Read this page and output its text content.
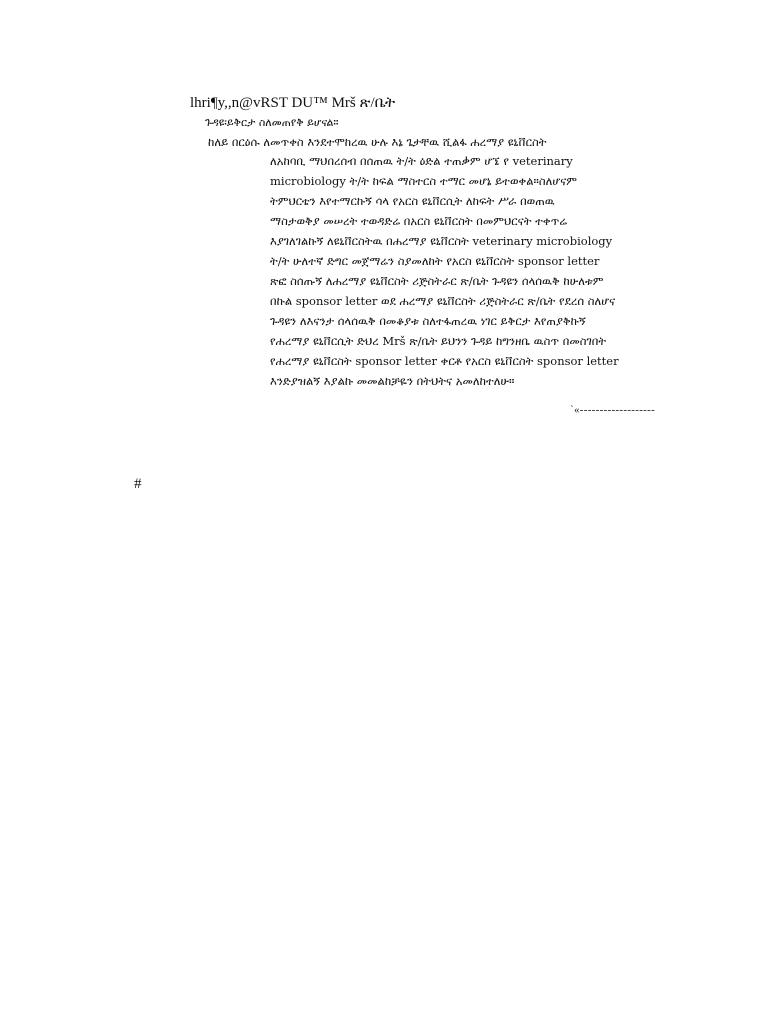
lhri¶y,,n@vRST DU™ Mrš ጽ/ቤት
ጉዳዩ፡ይቅርታ ስለመጠየቅ ይሆናል።
ከለይ በርዕሱ ለመጥቀስ እንደተሞከረዉ ሁሉ እኔ ጌታቸዉ ሺልፋ ሐረማያ ዩኒቨርስት
ለአከባቢ ማህበረሰብ በሰጠዉ ት/ት ዕድል ተጠቃም ሆኜ የ veterinary
microbiology ት/ት ከፍል ማስተርስ ተማር መሆኔ ይተወቀል።ስለሆናም
ትምህርቴን እየተማርኩኝ ሳላ የአርስ ዩኒቨርሲት ለከፍት ሥራ በወጠዉ
ማስታወቅያ መሠረት ተወዳድሬ በአርስ ዩኒቨርስት በመምህርናት ተቀጥሬ
እያገለገልኩኝ ለዩኒቨርስትዉ በሐረማያ ዩኒቨርስት veterinary microbiology
ት/ት ሁለተኛ ድግር መጀማሬን ስያመለከት የአርስ ዩኒቨርስት sponsor letter
ጽፎ ስሰጡኝ ለሐረማያ ዩኒቨርስት ሪጅስትራር ጽ/ቤት ጉዳዩን ሰላሰዉቅ ከሁለቱም
በኩል sponsor letter ወደ ሐረማያ ዩኒቨርስት ሪጅስትራር ጽ/ቤት የደረሰ ስለሆና
ጉዳዩን ለእናንታ ሰላሰዉቅ በመቆያቱ ስለተፋጠረዉ ነገር ይቅርታ እየጠያቅኩኝ
የሐረማያ ዩኒቨርሲት ድህረ Mrš ጽ/ቤት ይህንን ጉዳይ ከግንዘቤ ዉስጥ በመስገበት
የሐረማያ ዩኒቨርስት sponsor letter ቀርቶ የአርስ ዩኒቨርስት sponsor letter
እንድያዝልኝ እያልኩ መመልከቻዬን በትህትና አመለከተለሁ።
`«-------------------
#
